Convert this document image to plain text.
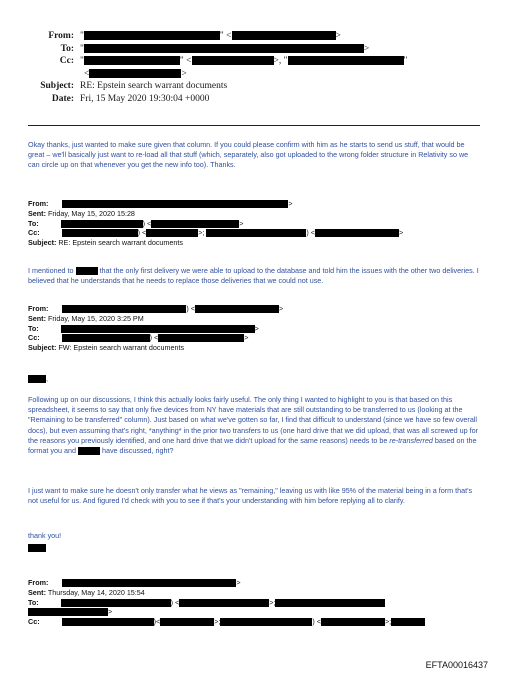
From: "	" <	>
To: "	>
Cc: "	" <	>, "	"
<	>
Subject: RE: Epstein search warrant documents
Date: Fri, 15 May 2020 19:30:04 +0000
Okay thanks, just wanted to make sure given that column. If you could please confirm with him as he starts to send us stuff, that would be great – we'll basically just want to re-load all that stuff (which, separately, also got uploaded to the wrong folder structure in Relativity so we can circle up on that whenever you get the new info too). Thanks.
From:	>
Sent: Friday, May 15, 2020 15:28
To:	) <	>
Cc:	) <	>;	) <	>
Subject: RE: Epstein search warrant documents
I mentioned to	that the only first delivery we were able to upload to the database and told him the issues with the other two deliveries. I believed that he understands that he needs to replace those deliveries that we could not use.
From:	) <	>
Sent: Friday, May 15, 2020 3:25 PM
To:	>
Cc:	) <	>
Subject: FW: Epstein search warrant documents
,
Following up on our discussions, I think this actually looks fairly useful. The only thing I wanted to highlight to you is that based on this spreadsheet, it seems to say that only five devices from NY have materials that are still outstanding to be transferred to us (looking at the "Remaining to be transferred" column). Just based on what we've gotten so far, I find that difficult to understand (since we have so few overall docs), but even assuming that's right, *anything* in the prior two transfers to us (one hard drive that we did upload, that was all screwed up for the reasons you previously identified, and one hard drive that we didn't upload for the same reasons) needs to be re-transferred based on the format you and	have discussed, right?
I just want to make sure he doesn't only transfer what he views as "remaining," leaving us with like 95% of the material being in a form that's not useful for us. And figured I'd check with you to see if that's your understanding with him before replying all to clarify.
thank you!
From:	>
Sent: Thursday, May 14, 2020 15:54
To:	) <	>;
>
Cc:	)<	>;	) <	>;
EFTA00016437
